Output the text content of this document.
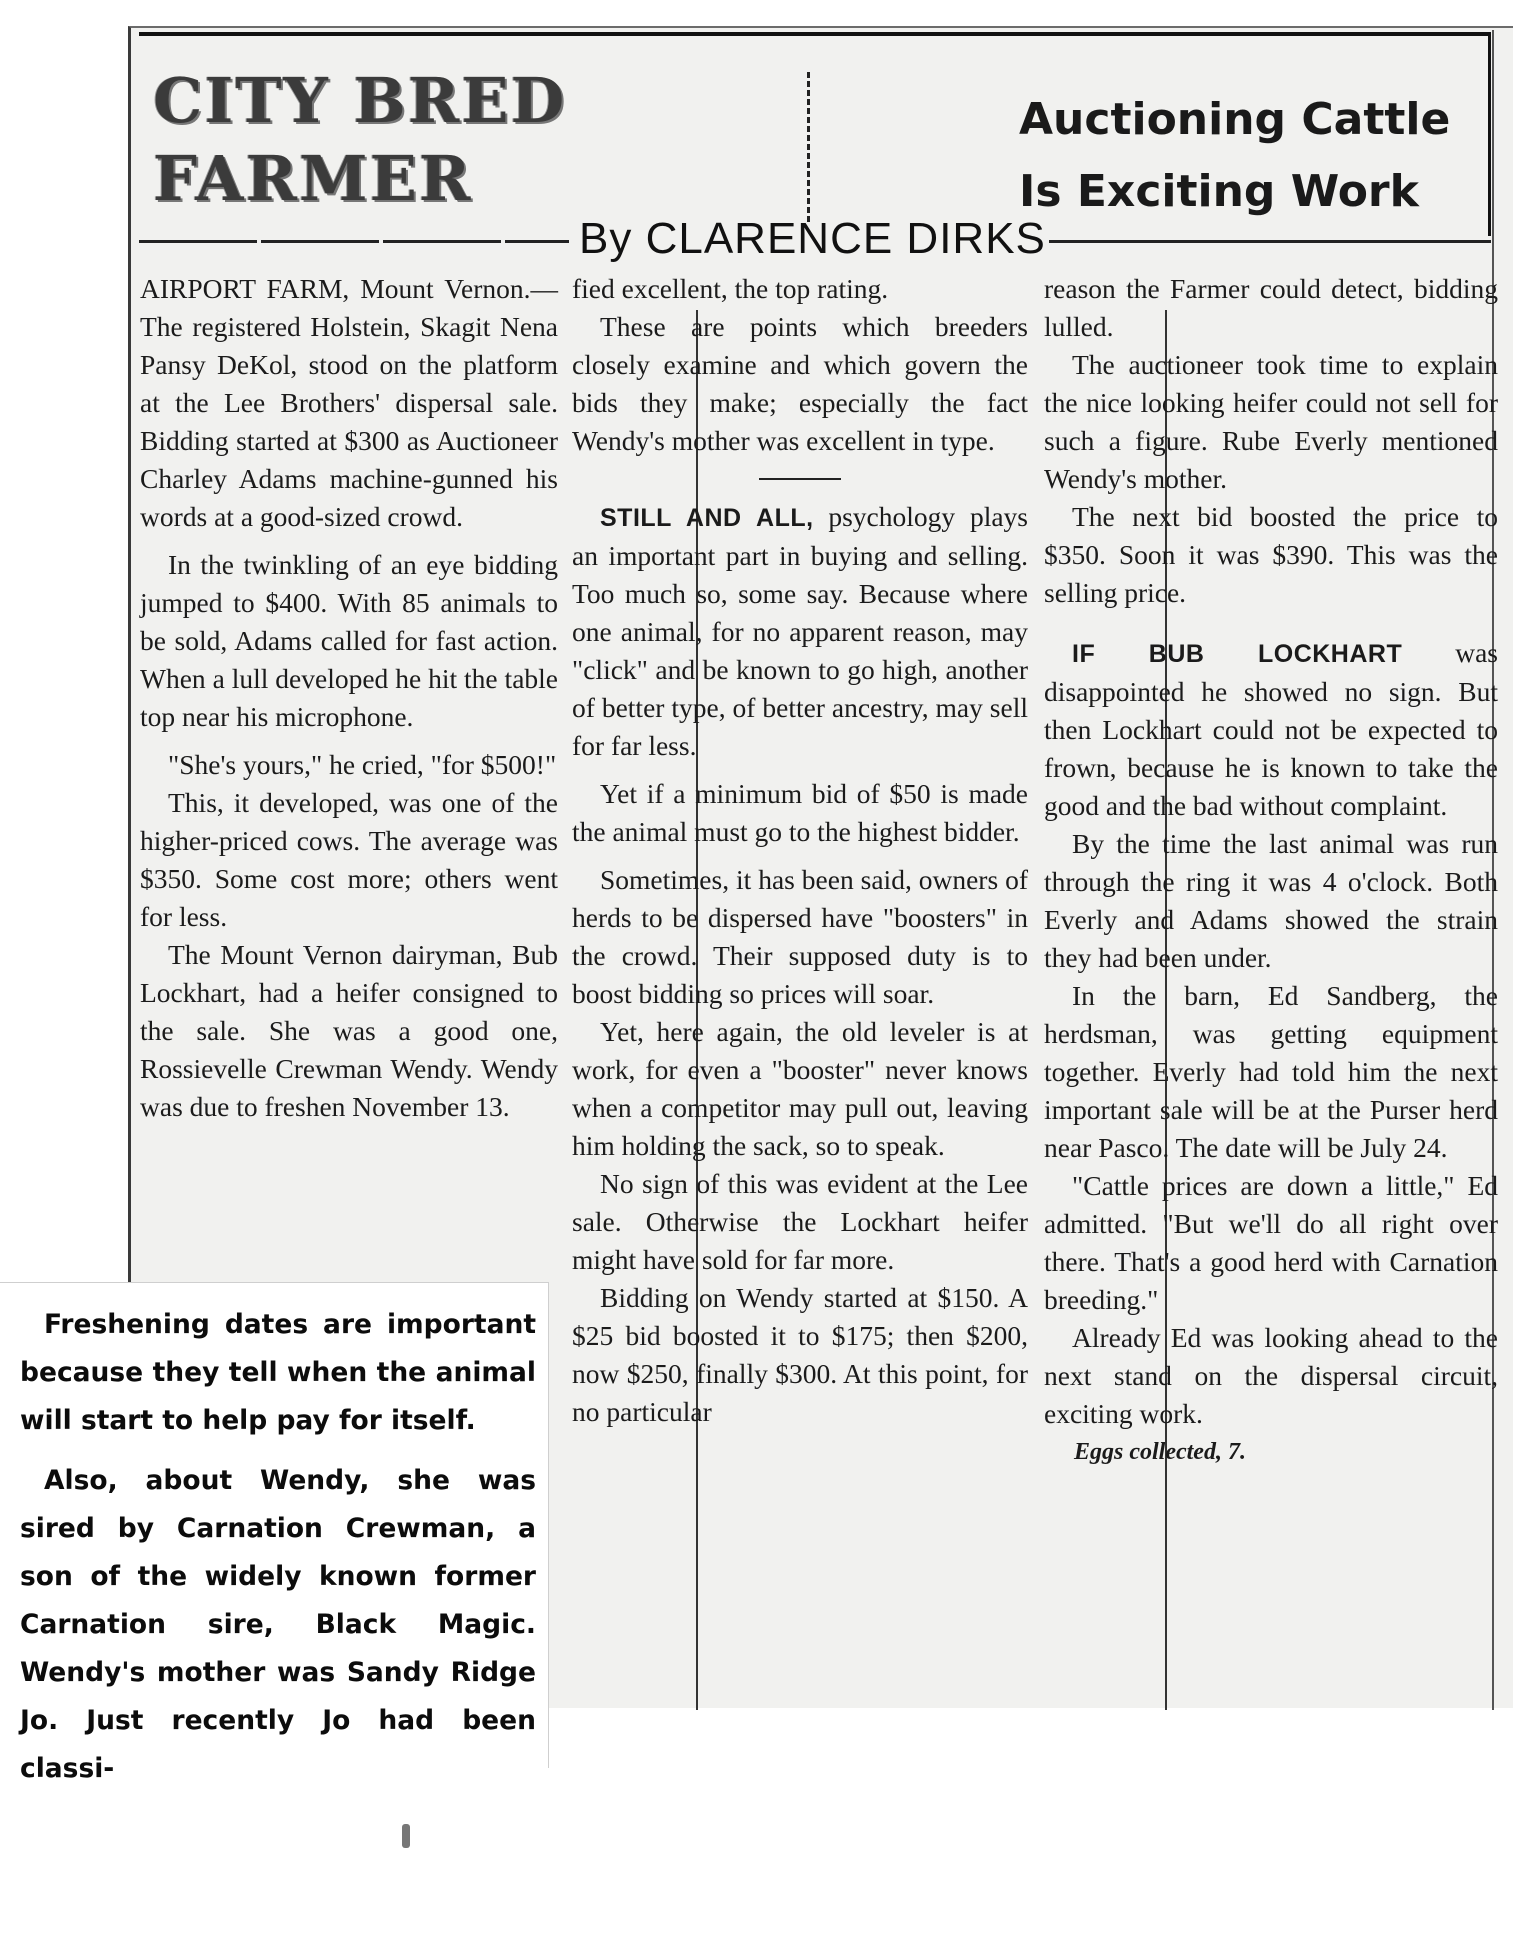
CITY BRED
FARMER
Auctioning Cattle
Is Exciting Work
By CLARENCE DIRKS

AIRPORT FARM, Mount Vernon.—The registered Holstein, Skagit Nena Pansy DeKol, stood on the platform at the Lee Brothers' dispersal sale. Bidding started at $300 as Auctioneer Charley Adams machine-gunned his words at a good-sized crowd.

In the twinkling of an eye bidding jumped to $400. With 85 animals to be sold, Adams called for fast action. When a lull developed he hit the table top near his microphone.

"She's yours," he cried, "for $500!"

This, it developed, was one of the higher-priced cows. The average was $350. Some cost more; others went for less.

The Mount Vernon dairyman, Bub Lockhart, had a heifer consigned to the sale. She was a good one, Rossievelle Crewman Wendy. Wendy was due to freshen November 13.

fied excellent, the top rating.

These are points which breeders closely examine and which govern the bids they make; especially the fact Wendy's mother was excellent in type.

STILL AND ALL, psychology plays an important part in buying and selling. Too much so, some say. Because where one animal, for no apparent reason, may "click" and be known to go high, another of better type, of better ancestry, may sell for far less.

Yet if a minimum bid of $50 is made the animal must go to the highest bidder.

Sometimes, it has been said, owners of herds to be dispersed have "boosters" in the crowd. Their supposed duty is to boost bidding so prices will soar.

Yet, here again, the old leveler is at work, for even a "booster" never knows when a competitor may pull out, leaving him holding the sack, so to speak.

No sign of this was evident at the Lee sale. Otherwise the Lockhart heifer might have sold for far more.

Bidding on Wendy started at $150. A $25 bid boosted it to $175; then $200, now $250, finally $300. At this point, for no particular

reason the Farmer could detect, bidding lulled.

The auctioneer took time to explain the nice looking heifer could not sell for such a figure. Rube Everly mentioned Wendy's mother.

The next bid boosted the price to $350. Soon it was $390. This was the selling price.

IF BUB LOCKHART was disappointed he showed no sign. But then Lockhart could not be expected to frown, because he is known to take the good and the bad without complaint.

By the time the last animal was run through the ring it was 4 o'clock. Both Everly and Adams showed the strain they had been under.

In the barn, Ed Sandberg, the herdsman, was getting equipment together. Everly had told him the next important sale will be at the Purser herd near Pasco. The date will be July 24.

"Cattle prices are down a little," Ed admitted. "But we'll do all right over there. That's a good herd with Carnation breeding."

Already Ed was looking ahead to the next stand on the dispersal circuit, exciting work.

Eggs collected, 7.

Freshening dates are important because they tell when the animal will start to help pay for itself.

Also, about Wendy, she was sired by Carnation Crewman, a son of the widely known former Carnation sire, Black Magic. Wendy's mother was Sandy Ridge Jo. Just recently Jo had been classi-
